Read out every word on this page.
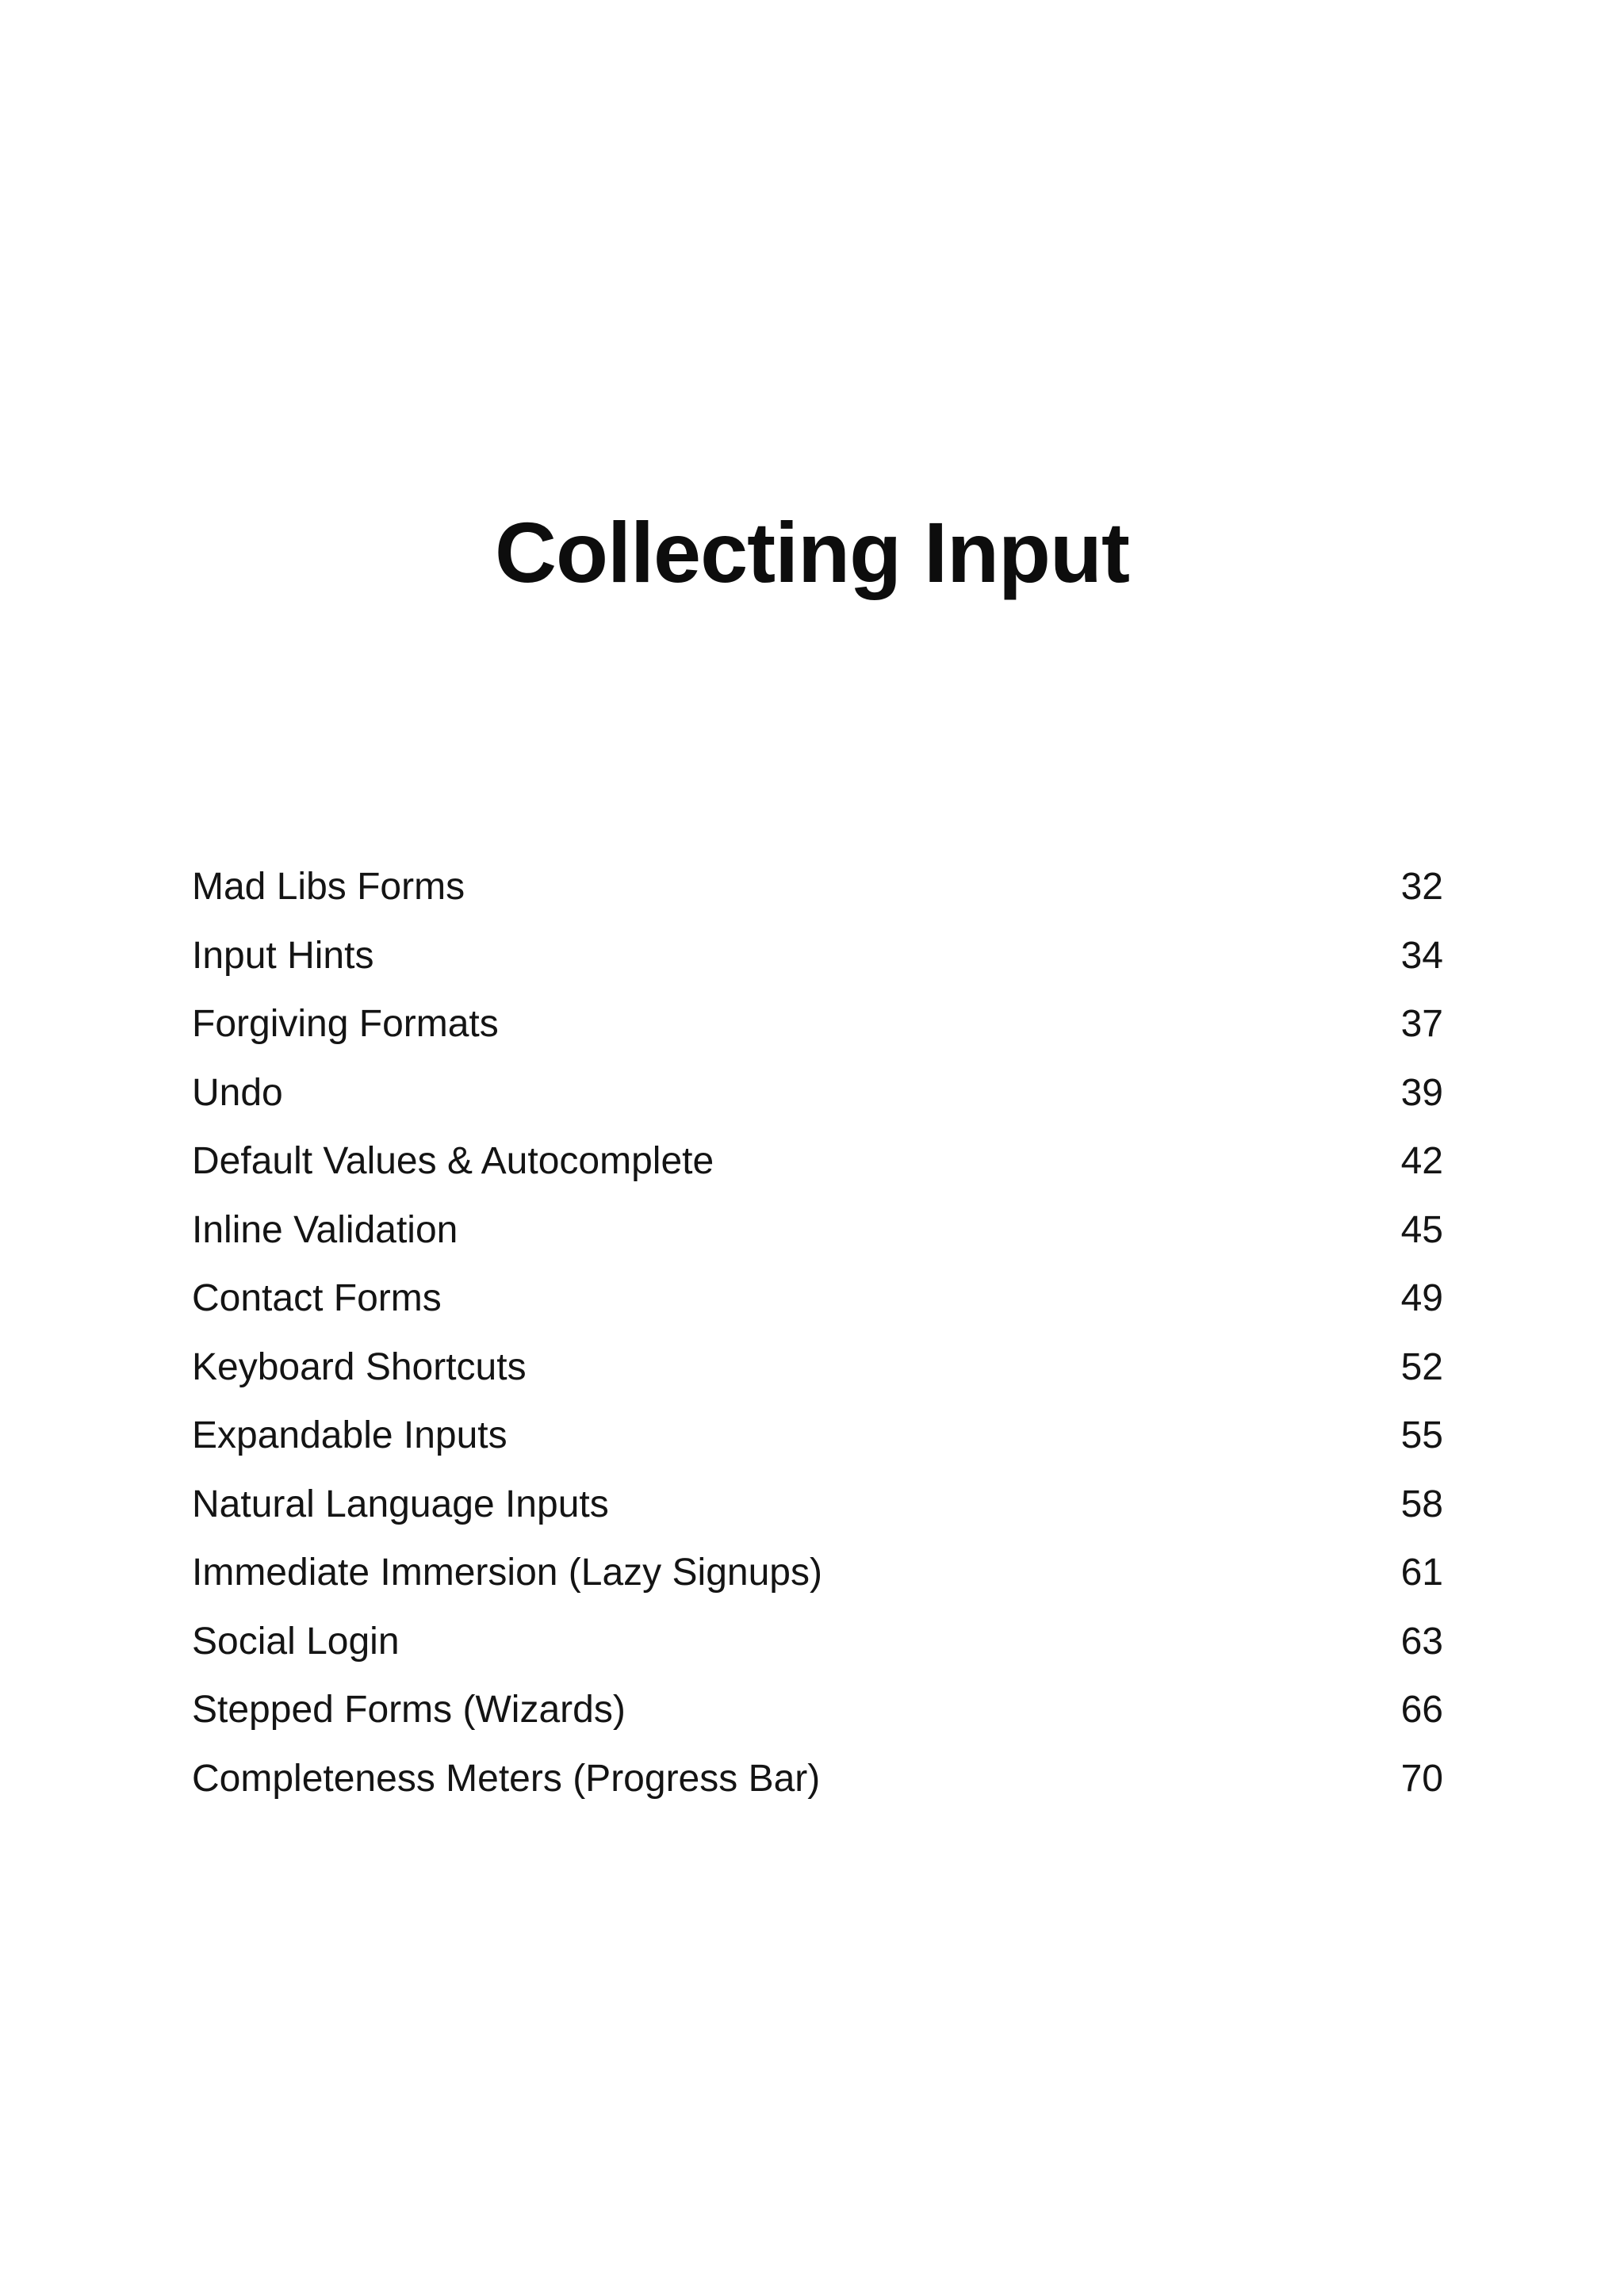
Collecting Input
Mad Libs Forms	32
Input Hints	34
Forgiving Formats	37
Undo	39
Default Values & Autocomplete	42
Inline Validation	45
Contact Forms	49
Keyboard Shortcuts	52
Expandable Inputs	55
Natural Language Inputs	58
Immediate Immersion (Lazy Signups)	61
Social Login	63
Stepped Forms (Wizards)	66
Completeness Meters (Progress Bar)	70
